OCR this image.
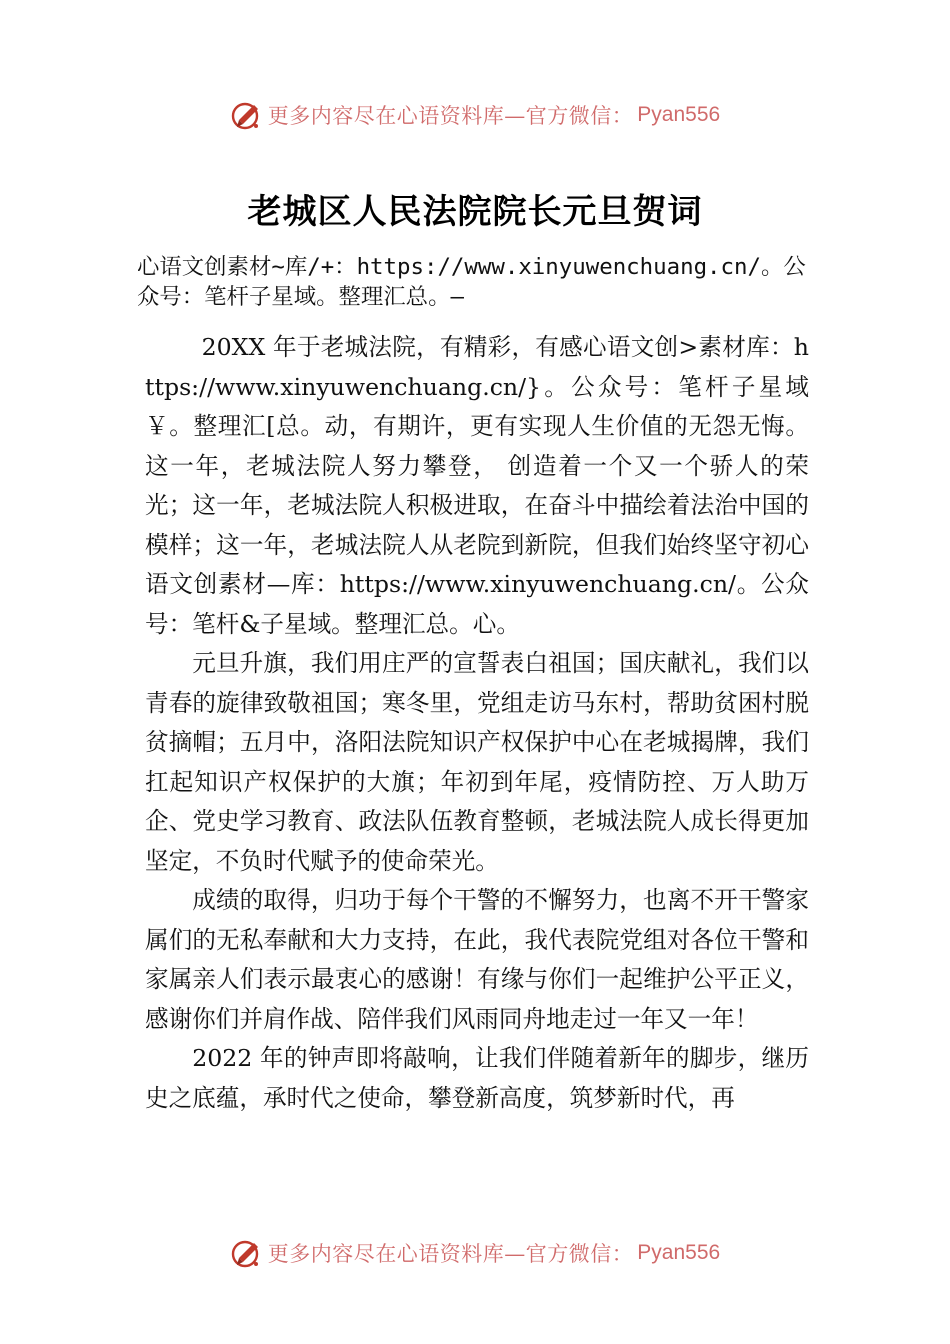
更多内容尽在心语资料库—官方微信： Pyan556
老城区人民法院院长元旦贺词
心语文创素材~库/+：https://www.xinyuwenchuang.cn/。公众号：笔杆子星域。整理汇总。—

20XX 年于老城法院，有精彩，有感心语文创>素材库：https://www.xinyuwenchuang.cn/}。公众号：笔杆子星域￥。整理汇[总。动，有期许，更有实现人生价值的无怨无悔。这一年，老城法院人努力攀登， 创造着一个又一个骄人的荣光；这一年，老城法院人积极进取，在奋斗中描绘着法治中国的模样；这一年，老城法院人从老院到新院，但我们始终坚守初心语文创素材—库：https://www.xinyuwenchuang.cn/。公众号：笔杆&子星域。整理汇总。心。

元旦升旗，我们用庄严的宣誓表白祖国；国庆献礼，我们以青春的旋律致敬祖国；寒冬里，党组走访马东村，帮助贫困村脱贫摘帽；五月中，洛阳法院知识产权保护中心在老城揭牌，我们扛起知识产权保护的大旗；年初到年尾，疫情防控、万人助万企、党史学习教育、政法队伍教育整顿，老城法院人成长得更加坚定，不负时代赋予的使命荣光。

成绩的取得，归功于每个干警的不懈努力，也离不开干警家属们的无私奉献和大力支持，在此，我代表院党组对各位干警和家属亲人们表示最衷心的感谢！有缘与你们一起维护公平正义，感谢你们并肩作战、陪伴我们风雨同舟地走过一年又一年！

2022 年的钟声即将敲响，让我们伴随着新年的脚步，继历史之底蕴，承时代之使命，攀登新高度，筑梦新时代，再

更多内容尽在心语资料库—官方微信： Pyan556
